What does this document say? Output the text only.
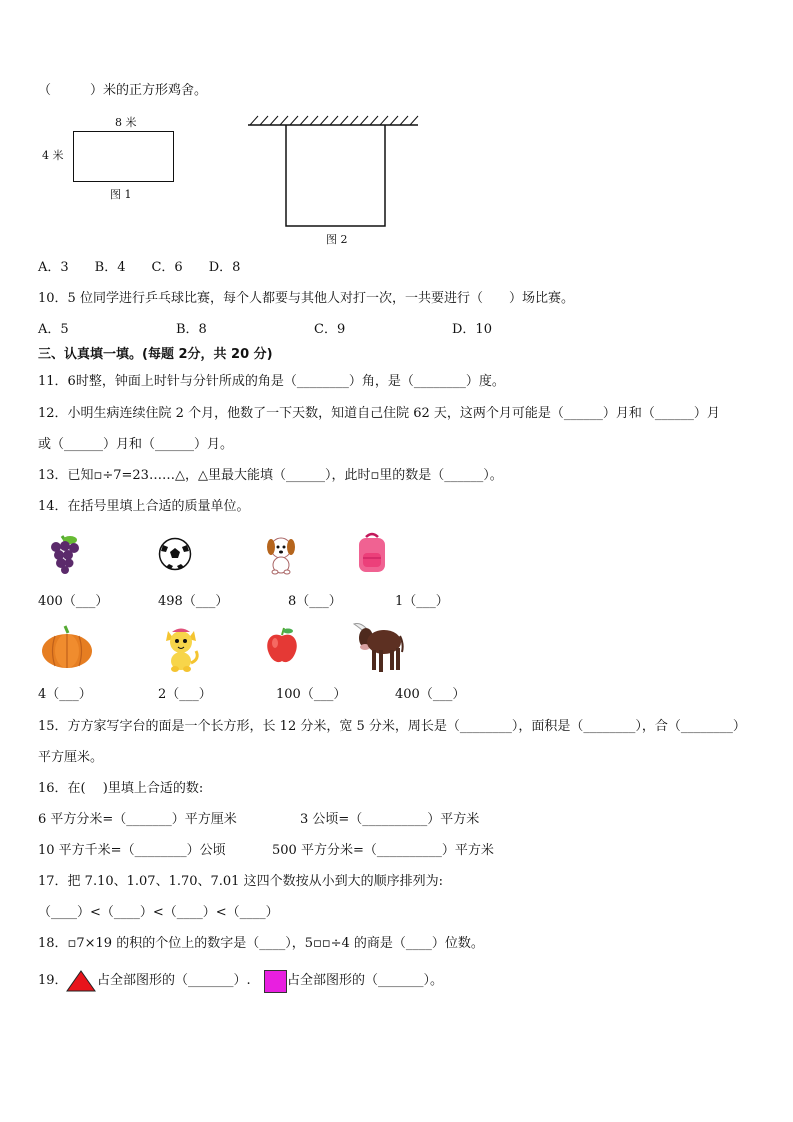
（　　　）米的正方形鸡舍。
8 米
4 米
图 1
图 2
A．3　　B．4　　C．6　　D．8
10．5 位同学进行乒乓球比赛，每个人都要与其他人对打一次，一共要进行（　　）场比赛。
A．5	B．8	C．9	D．10
三、认真填一填。(每题 2分，共 20 分)
11．6时整，钟面上时针与分针所成的角是（________）角，是（________）度。
12．小明生病连续住院 2 个月，他数了一下天数，知道自己住院 62 天，这两个月可能是（______）月和（______）月
或（______）月和（______）月。
13．已知▫÷7=23……△，△里最大能填（______），此时▫里的数是（______）。
14．在括号里填上合适的质量单位。
400（___）	498（___）	8（___）	1（___）
4（___）	2（___）	100（___）	400（___）
15．方方家写字台的面是一个长方形，长 12 分米，宽 5 分米，周长是（________），面积是（________），合（________）
平方厘米。
16．在(　 )里填上合适的数:
6 平方分米=（_______）平方厘米	3 公顷=（__________）平方米
10 平方千米=（________）公顷	500 平方分米=（__________）平方米
17．把 7.10、1.07、1.70、7.01 这四个数按从小到大的顺序排列为:
（____）<（____）<（____）<（____）
18．▫7×19 的积的个位上的数字是（____），5▫▫÷4 的商是（____）位数。
19． 占全部图形的（_______）.	占全部图形的（_______）。
